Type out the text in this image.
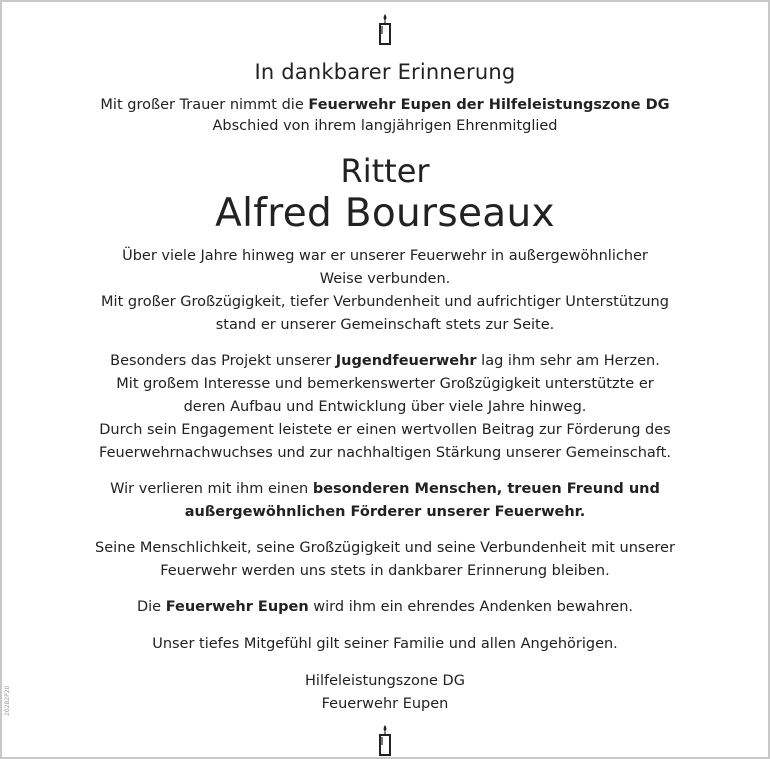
In dankbarer Erinnerung
Mit großer Trauer nimmt die Feuerwehr Eupen der Hilfeleistungszone DG
Abschied von ihrem langjährigen Ehrenmitglied
Ritter
Alfred Bourseaux
Über viele Jahre hinweg war er unserer Feuerwehr in außergewöhnlicher
Weise verbunden.
Mit großer Großzügigkeit, tiefer Verbundenheit und aufrichtiger Unterstützung
stand er unserer Gemeinschaft stets zur Seite.
Besonders das Projekt unserer Jugendfeuerwehr lag ihm sehr am Herzen.
Mit großem Interesse und bemerkenswerter Großzügigkeit unterstützte er
deren Aufbau und Entwicklung über viele Jahre hinweg.
Durch sein Engagement leistete er einen wertvollen Beitrag zur Förderung des
Feuerwehrnachwuchses und zur nachhaltigen Stärkung unserer Gemeinschaft.
Wir verlieren mit ihm einen besonderen Menschen, treuen Freund und
außergewöhnlichen Förderer unserer Feuerwehr.
Seine Menschlichkeit, seine Großzügigkeit und seine Verbundenheit mit unserer
Feuerwehr werden uns stets in dankbarer Erinnerung bleiben.
Die Feuerwehr Eupen wird ihm ein ehrendes Andenken bewahren.
Unser tiefes Mitgefühl gilt seiner Familie und allen Angehörigen.
Hilfeleistungszone DG
Feuerwehr Eupen
20282P20
